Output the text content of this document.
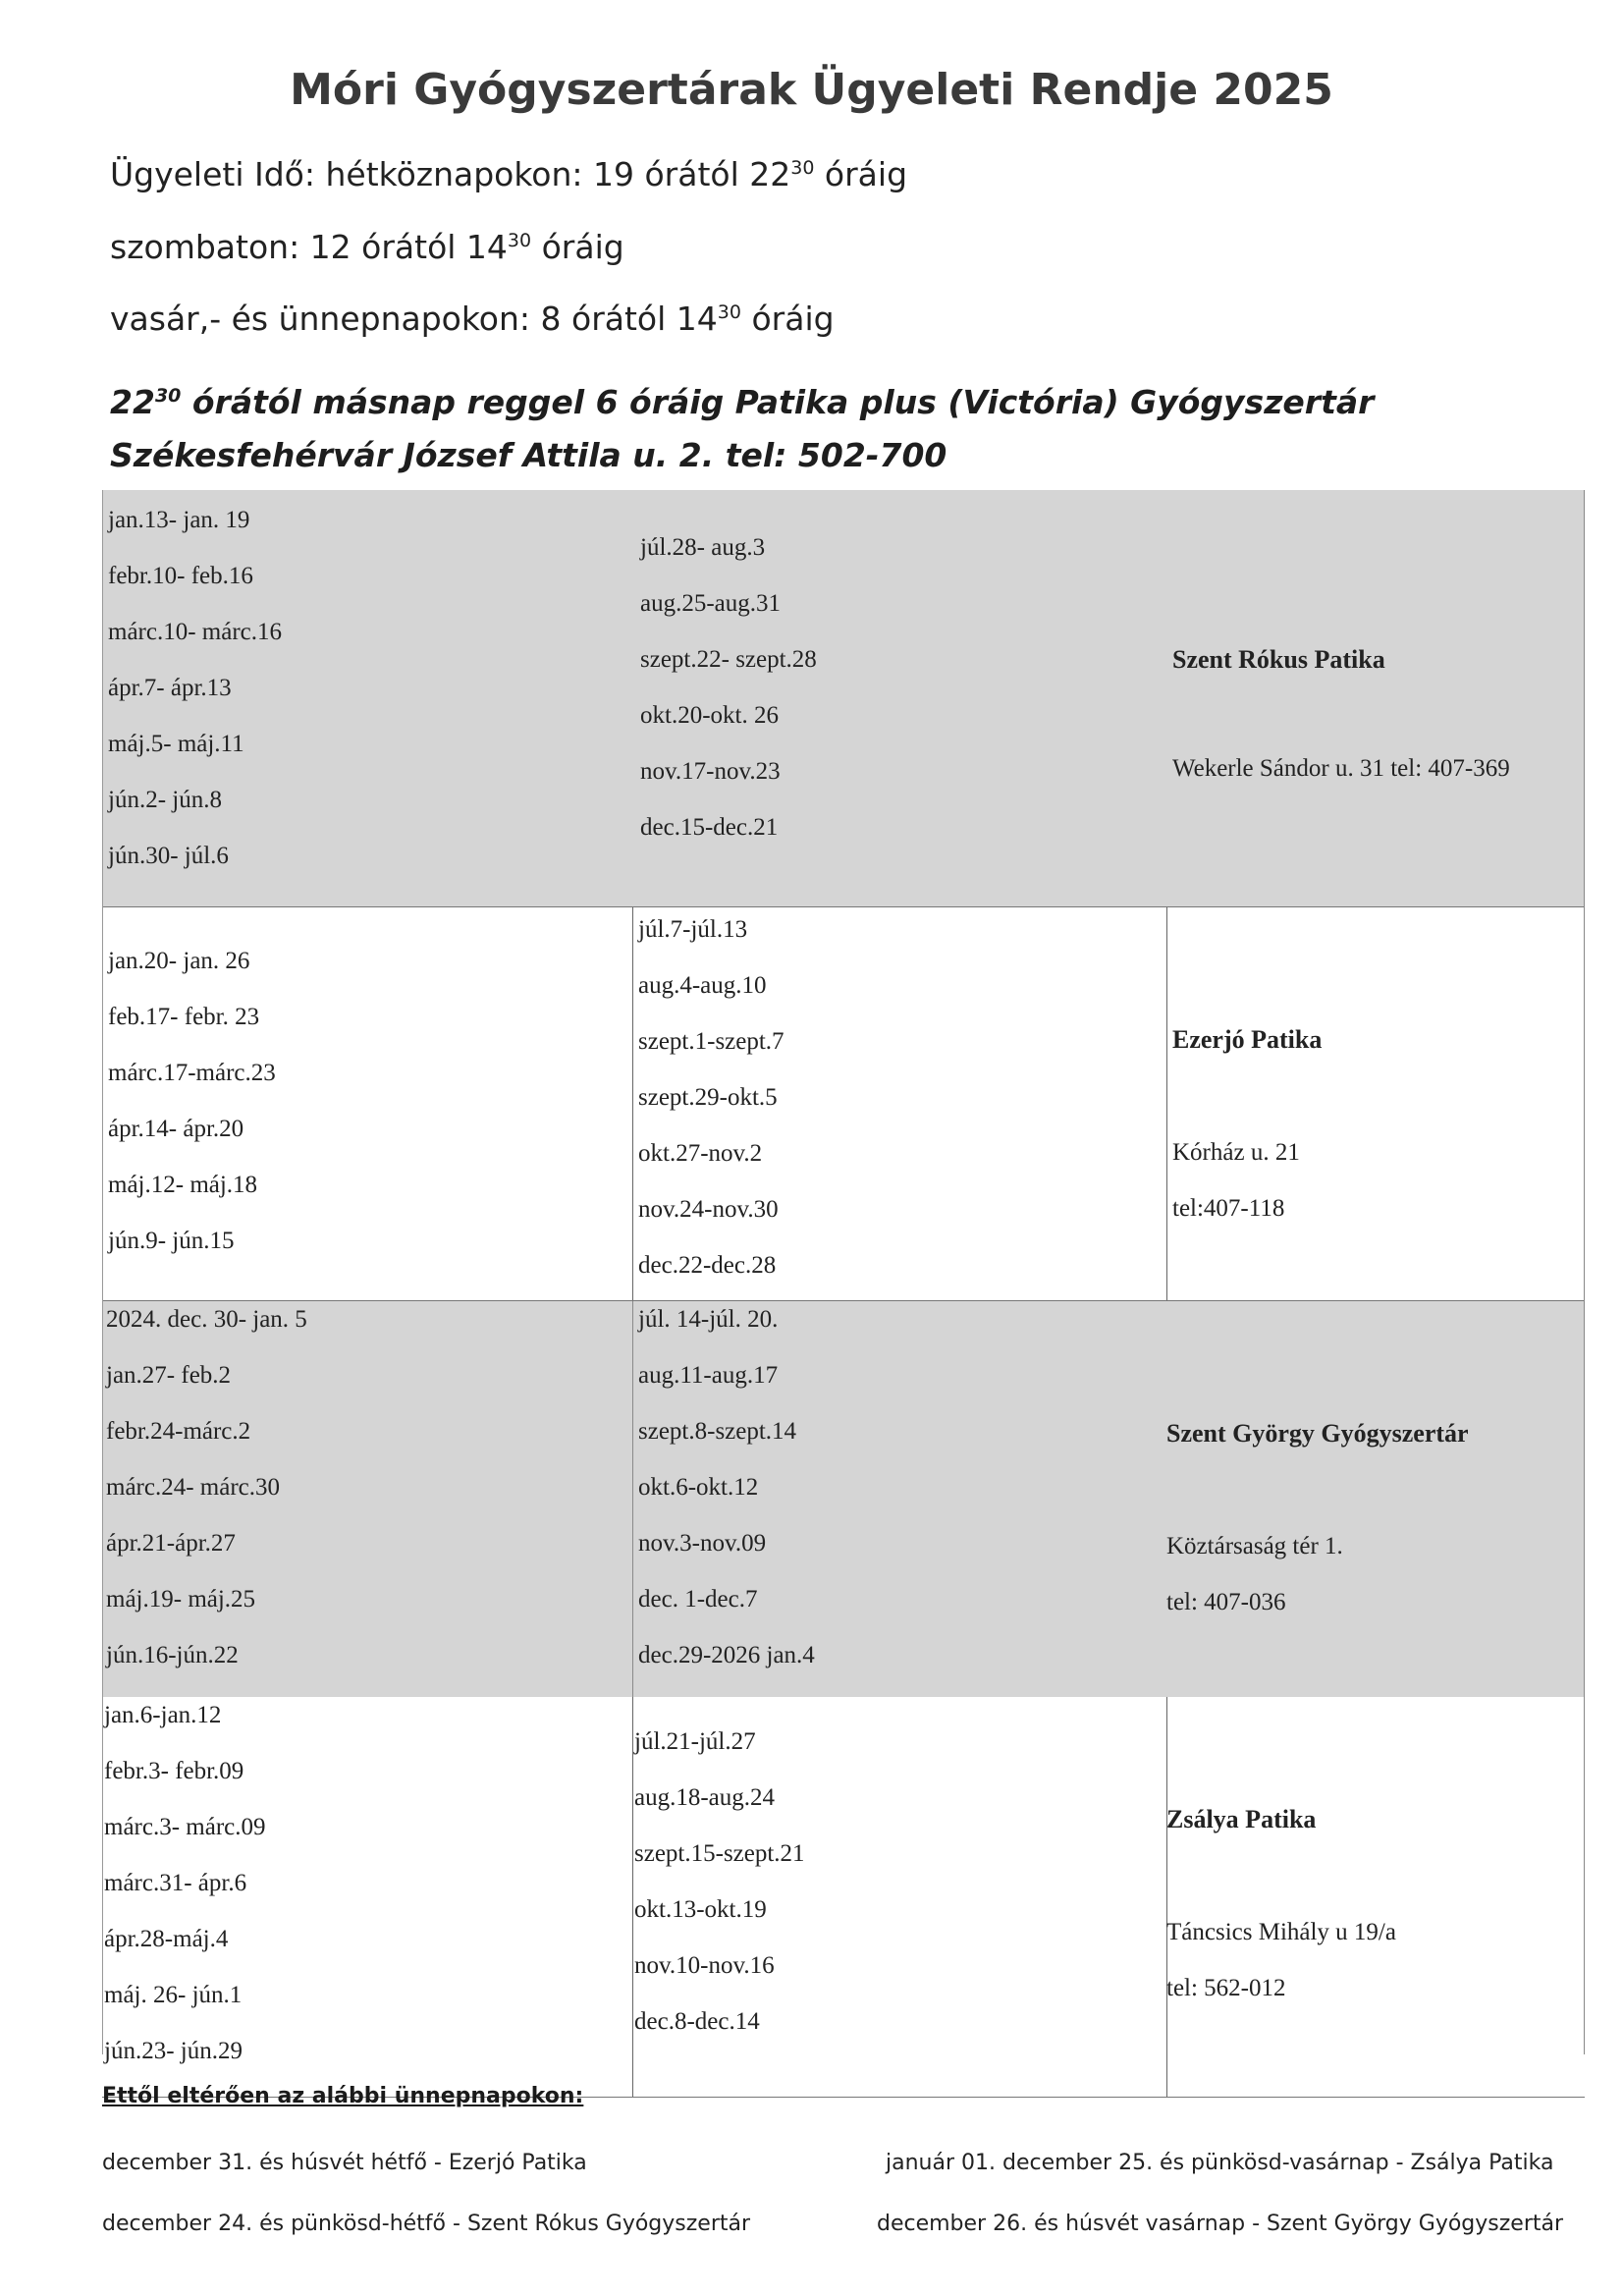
Móri Gyógyszertárak Ügyeleti Rendje 2025
Ügyeleti Idő: hétköznapokon: 19 órától $22^{30}$ óráig
szombaton: 12 órától $14^{30}$ óráig
vasár,- és ünnepnapokon: 8 órától $14^{30}$ óráig
$22^{30}$ órától másnap reggel 6 óráig Patika plus (Victória) Gyógyszertár Székesfehérvár József Attila u. 2. tel: 502-700
jan.13- jan. 19
febr.10- feb.16
márc.10- márc.16
ápr.7- ápr.13
máj.5- máj.11
jún.2- jún.8
jún.30- júl.6
júl.28- aug.3
aug.25-aug.31
szept.22- szept.28
okt.20-okt. 26
nov.17-nov.23
dec.15-dec.21
Szent Rókus Patika
Wekerle Sándor u. 31 tel: 407-369
jan.20- jan. 26
feb.17- febr. 23
márc.17-márc.23
ápr.14- ápr.20
máj.12- máj.18
jún.9- jún.15
júl.7-júl.13
aug.4-aug.10
szept.1-szept.7
szept.29-okt.5
okt.27-nov.2
nov.24-nov.30
dec.22-dec.28
Ezerjó Patika
Kórház u. 21
tel:407-118
2024. dec. 30- jan. 5
jan.27- feb.2
febr.24-márc.2
márc.24- márc.30
ápr.21-ápr.27
máj.19- máj.25
jún.16-jún.22
júl. 14-júl. 20.
aug.11-aug.17
szept.8-szept.14
okt.6-okt.12
nov.3-nov.09
dec. 1-dec.7
dec.29-2026 jan.4
Szent György Gyógyszertár
Köztársaság tér 1.
tel: 407-036
jan.6-jan.12
febr.3- febr.09
márc.3- márc.09
márc.31- ápr.6
ápr.28-máj.4
máj. 26- jún.1
jún.23- jún.29
júl.21-júl.27
aug.18-aug.24
szept.15-szept.21
okt.13-okt.19
nov.10-nov.16
dec.8-dec.14
Zsálya Patika
Táncsics Mihály u 19/a
tel: 562-012
Ettől eltérően az alábbi ünnepnapokon:
december 31. és húsvét hétfő - Ezerjó Patika	január 01. december 25. és pünkösd-vasárnap - Zsálya Patika
december 24. és pünkösd-hétfő - Szent Rókus Gyógyszertár	december 26. és húsvét vasárnap - Szent György Gyógyszertár
